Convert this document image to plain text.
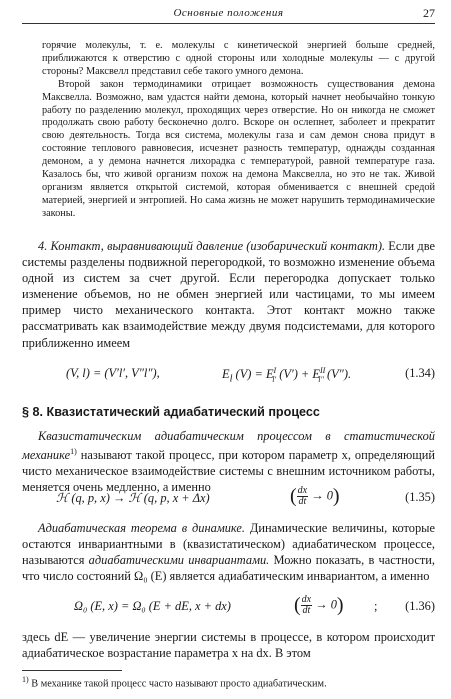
Основные положения	27

горячие молекулы, т. е. молекулы с кинетической энергией больше средней, приближаются к отверстию с одной стороны или холодные молекулы — с другой стороны? Максвелл представил себе такого умного демона.

Второй закон термодинамики отрицает возможность существования демона Максвелла. Возможно, вам удастся найти демона, который начнет необычайно тонкую работу по разделению молекул, проходящих через отверстие. Но он никогда не сможет продолжать свою работу бесконечно долго. Вскоре он ослепнет, заболеет и прекратит свою деятельность. Тогда вся система, молекулы газа и сам демон снова придут в состояние теплового равновесия, исчезнет разность температур, однажды созданная демоном, а у демона начнется лихорадка с температурой, равной температуре газа. Казалось бы, что живой организм похож на демона Максвелла, но это не так. Живой организм является открытой системой, которая обменивается с внешней средой материей, энергией и энтропией. Но сама жизнь не может нарушить термодинамические законы.

4. Контакт, выравнивающий давление (изобарический контакт). Если две системы разделены подвижной перегородкой, то возможно изменение объема одной из систем за счет другой. Если перегородка допускает только изменение объемов, но не обмен энергией или частицами, то мы имеем пример чисто механического контакта. Этот контакт можно также рассматривать как взаимодействие между двумя подсистемами, для которого приближенно имеем

(V, l) = (V′l′, V″l″),	$E_l$ $(V) = E^I_{l'}$ $(V') + E^{II}_{l''}$ (V″).	(1.34)
§ 8. Квазистатический адиабатический процесс

Квазистатическим адиабатическим процессом в статистической механике$^{1)}$ называют такой процесс, при котором параметр x, определяющий чисто механическое взаимодействие системы с внешним источником работы, меняется очень медленно, а именно

ℋ (q, p, x) → ℋ (q, p, x + Δx)	( $\frac{dx}{dt} \to 0$)	(1.35)

Адиабатическая теорема в динамике. Динамические величины, которые остаются инвариантными в (квазистатическом) адиабатическом процессе, называются адиабатическими инвариантами. Можно показать, в частности, что число состояний Ω₀ (E) является адиабатическим инвариантом, а именно

Ω₀ (E, x) = Ω₀ (E + dE, x + dx)	( $\frac{dx}{dt} \to 0$) ; (1.36)

здесь dE — увеличение энергии системы в процессе, в котором происходит адиабатическое возрастание параметра x на dx. В этом

$^{1)}$ В механике такой процесс часто называют просто адиабатическим.
